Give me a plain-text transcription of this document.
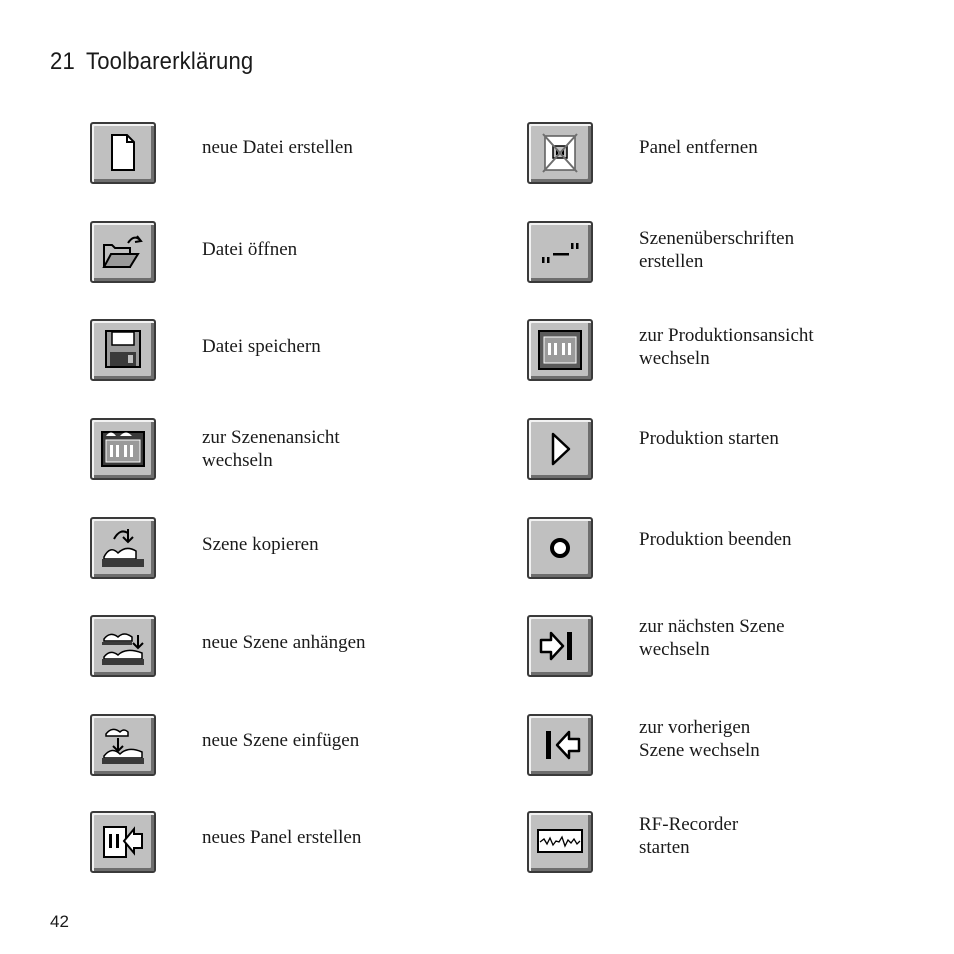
21 Toolbarerklärung
neue Datei erstellen
Datei öffnen
Datei speichern
zur Szenenansicht
wechseln
Szene kopieren
neue Szene anhängen
neue Szene einfügen
neues Panel erstellen
Panel entfernen
Szenenüberschriften
erstellen
zur Produktionsansicht
wechseln
Produktion starten
Produktion beenden
zur nächsten Szene
wechseln
zur vorherigen
Szene wechseln
RF-Recorder
starten
42
